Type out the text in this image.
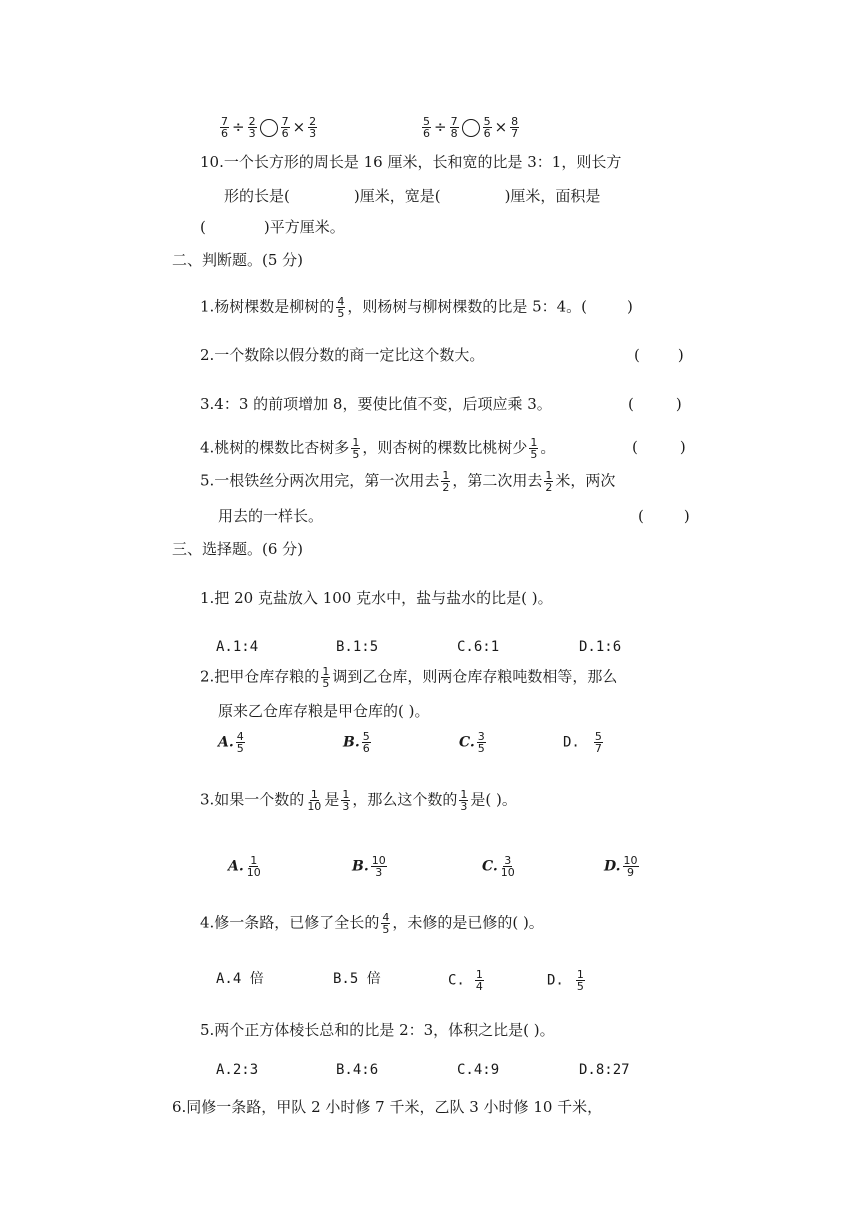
$\frac{7}{6} \div \frac{2}{3} \frac{7}{6} \times \frac{2}{3}$	$\frac{5}{6} \div \frac{7}{8} \frac{5}{6} \times \frac{8}{7}$
10.一个长方形的周长是 16 厘米，长和宽的比是 3：1，则长方
形的长是(	)厘米，宽是(	)厘米，面积是
(	)平方厘米。
二、判断题。(5 分)
1.杨树棵数是柳树的 $\frac{4}{5}$ ，则杨树与柳树棵数的比是 5：4。(	)
2.一个数除以假分数的商一定比这个数大。	(	)
3.4：3 的前项增加 8，要使比值不变，后项应乘 3。	(	)
4.桃树的棵数比杏树多 $\frac{1}{5}$ ，则杏树的棵数比桃树少 $\frac{1}{5}$ 。	(	)
5.一根铁丝分两次用完，第一次用去 $\frac{1}{2}$ ，第二次用去 $\frac{1}{2}$ 米，两次
用去的一样长。	(	)
三、选择题。(6 分)
1.把 20 克盐放入 100 克水中，盐与盐水的比是( )。
A.1:4	B.1:5	C.6:1	D.1:6
2.把甲仓库存粮的 $\frac{1}{5}$ 调到乙仓库，则两仓库存粮吨数相等，那么
原来乙仓库存粮是甲仓库的( )。
A. $\frac{4}{5}$	B. $\frac{5}{6}$	C. $\frac{3}{5}$	D. $\frac{5}{7}$
3.如果一个数的 $\frac{1}{10}$ 是 $\frac{1}{3}$ ，那么这个数的 $\frac{1}{3}$ 是( )。
A. $\frac{1}{10}$	B. $\frac{10}{3}$	C. $\frac{3}{10}$	D. $\frac{10}{9}$
4.修一条路，已修了全长的 $\frac{4}{5}$ ，未修的是已修的( )。
A.4 倍	B.5 倍	C. $\frac{1}{4}$	D. $\frac{1}{5}$
5.两个正方体棱长总和的比是 2：3，体积之比是( )。
A.2:3	B.4:6	C.4:9	D.8:27
6.同修一条路，甲队 2 小时修 7 千米，乙队 3 小时修 10 千米，
